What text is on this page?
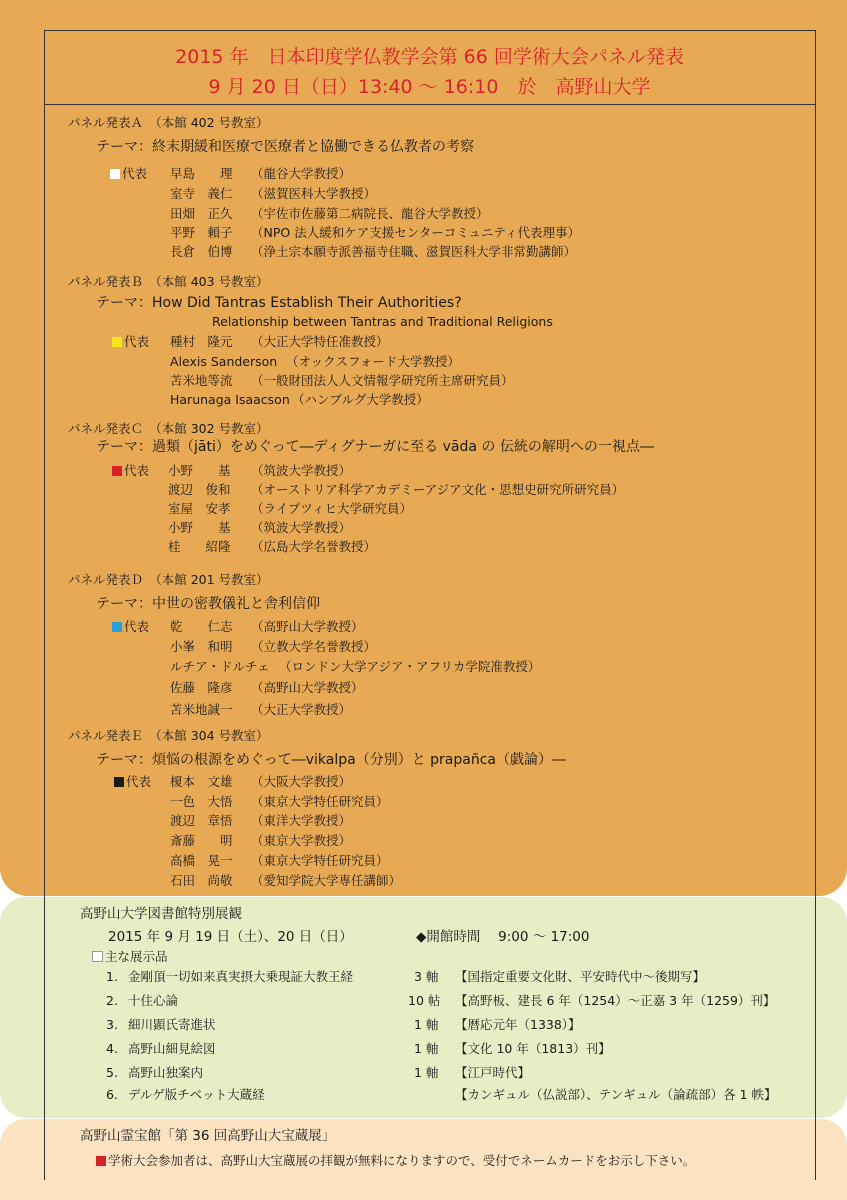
2015 年　日本印度学仏教学会第 66 回学術大会パネル発表
9 月 20 日（日）13:40 ～ 16:10　於　高野山大学
パネル発表Ａ　（本館 402 号教室）
テーマ：終末期緩和医療で医療者と協働できる仏教者の考察
代表 早島　　理 （龍谷大学教授）
室寺　義仁 （滋賀医科大学教授）
田畑　正久 （宇佐市佐藤第二病院長、龍谷大学教授）
平野　頼子 （NPO 法人緩和ケア支援センターコミュニティ代表理事）
長倉　伯博 （浄土宗本願寺派善福寺住職、滋賀医科大学非常勤講師）
パネル発表Ｂ　（本館 403 号教室）
テーマ：How Did Tantras Establish Their Authorities?
Relationship between Tantras and Traditional Religions
代表 種村　隆元 （大正大学特任准教授）
Alexis Sanderson （オックスフォード大学教授）
苫米地等流 （一般財団法人人文情報学研究所主席研究員）
Harunaga Isaacson （ハンブルグ大学教授）
パネル発表Ｃ　（本館 302 号教室）
テーマ：過類（jāti）をめぐって―ディグナーガに至る vāda の 伝統の解明への一視点―
代表 小野　　基 （筑波大学教授）
渡辺　俊和 （オーストリア科学アカデミーアジア文化・思想史研究所研究員）
室屋　安孝 （ライプツィヒ大学研究員）
小野　　基 （筑波大学教授）
桂　　紹隆 （広島大学名誉教授）
パネル発表Ｄ　（本館 201 号教室）
テーマ：中世の密教儀礼と舎利信仰
代表 乾　　仁志 （高野山大学教授）
小峯　和明 （立教大学名誉教授）
ルチア・ドルチェ （ロンドン大学アジア・アフリカ学院准教授）
佐藤　隆彦 （高野山大学教授）
苫米地誠一 （大正大学教授）
パネル発表Ｅ　（本館 304 号教室）
テーマ：煩悩の根源をめぐって―vikalpa（分別）と prapañca（戯論）―
代表 榎本　文雄 （大阪大学教授）
一色　大悟 （東京大学特任研究員）
渡辺　章悟 （東洋大学教授）
斎藤　　明 （東京大学教授）
高橋　晃一 （東京大学特任研究員）
石田　尚敬 （愛知学院大学専任講師）
高野山大学図書館特別展観
2015 年 9 月 19 日（土）、20 日（日）	◆開館時間　 9:00 ～ 17:00
主な展示品
1. 金剛頂一切如来真実摂大乗現証大教王経	3 軸 【国指定重要文化財、平安時代中～後期写】
2. 十住心論	10 帖 【高野板、建長 6 年（1254）～正嘉 3 年（1259）刊】
3. 細川顕氏寄進状	1 軸 【暦応元年（1338）】
4. 高野山細見絵図	1 軸 【文化 10 年（1813）刊】
5. 高野山独案内	1 軸 【江戸時代】
6. デルゲ版チベット大蔵経	【カンギュル（仏説部）、テンギュル（論疏部）各 1 帙】
高野山霊宝館「第 36 回高野山大宝蔵展」
学術大会参加者は、高野山大宝蔵展の拝観が無料になりますので、受付でネームカードをお示し下さい。
